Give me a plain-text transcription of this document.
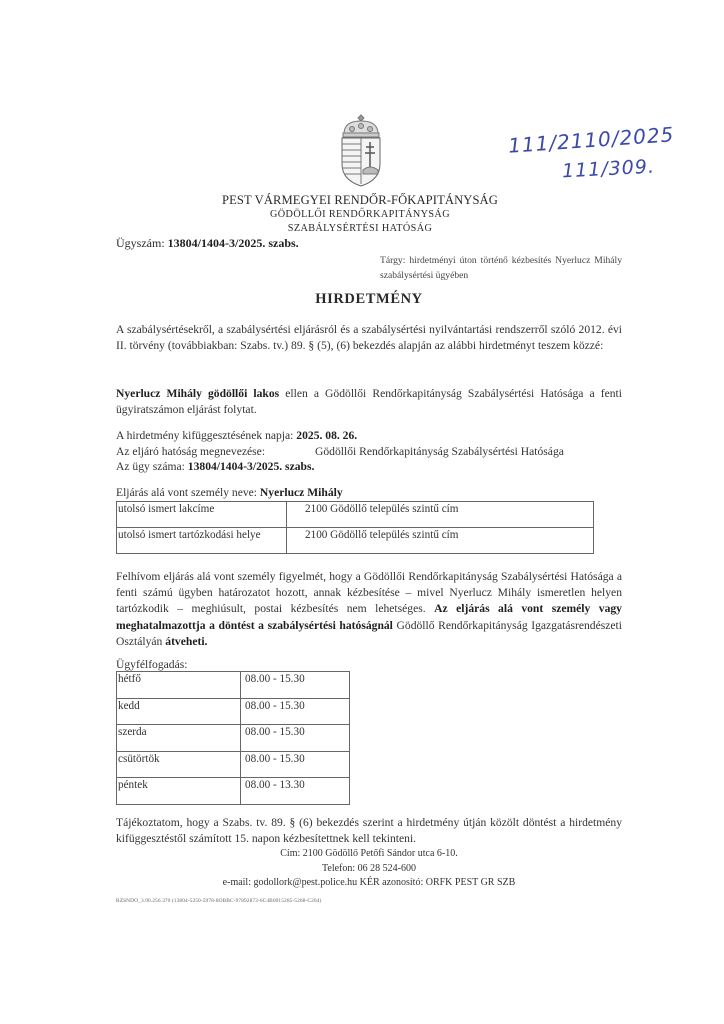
111/2110/2025
111/309.
PEST VÁRMEGYEI RENDŐR-FŐKAPITÁNYSÁG
GÖDÖLLŐI RENDŐRKAPITÁNYSÁG
SZABÁLYSÉRTÉSI HATÓSÁG
Ügyszám: 13804/1404-3/2025. szabs.
Tárgy: hirdetményi úton történő kézbesítés Nyerlucz Mihály szabálysértési ügyében
HIRDETMÉNY
A szabálysértésekről, a szabálysértési eljárásról és a szabálysértési nyilvántartási rendszerről szóló 2012. évi II. törvény (továbbiakban: Szabs. tv.) 89. § (5), (6) bekezdés alapján az alábbi hirdetményt teszem közzé:
Nyerlucz Mihály gödöllői lakos ellen a Gödöllői Rendőrkapitányság Szabálysértési Hatósága a fenti ügyiratszámon eljárást folytat.
A hirdetmény kifüggesztésének napja: 2025. 08. 26.
Az eljáró hatóság megnevezése:	Gödöllői Rendőrkapitányság Szabálysértési Hatósága
Az ügy száma: 13804/1404-3/2025. szabs.
Eljárás alá vont személy neve: Nyerlucz Mihály
utolsó ismert lakcíme	2100 Gödöllő település szintű cím
utolsó ismert tartózkodási helye	2100 Gödöllő település szintű cím
Felhívom eljárás alá vont személy figyelmét, hogy a Gödöllői Rendőrkapitányság Szabálysértési Hatósága a fenti számú ügyben határozatot hozott, annak kézbesítése – mivel Nyerlucz Mihály ismeretlen helyen tartózkodik – meghiúsult, postai kézbesítés nem lehetséges. Az eljárás alá vont személy vagy meghatalmazottja a döntést a szabálysértési hatóságnál Gödöllő Rendőrkapitányság Igazgatásrendészeti Osztályán átveheti.
Ügyfélfogadás:
hétfő	08.00 - 15.30
kedd	08.00 - 15.30
szerda	08.00 - 15.30
csütörtök	08.00 - 15.30
péntek	08.00 - 13.30
Tájékoztatom, hogy a Szabs. tv. 89. § (6) bekezdés szerint a hirdetmény útján közölt döntést a hirdetmény kifüggesztéstől számított 15. napon kézbesítettnek kell tekinteni.
Cím: 2100 Gödöllő Petőfi Sándor utca 6-10.
Telefon: 06 28 524-600
e-mail: godollork@pest.police.hu KÉR azonosító: ORFK PEST GR SZB
RZSNDO_3.90.256.370 (13804-5250-5978-8OBBC-97892873-6C4B0015285-5268-C204)
